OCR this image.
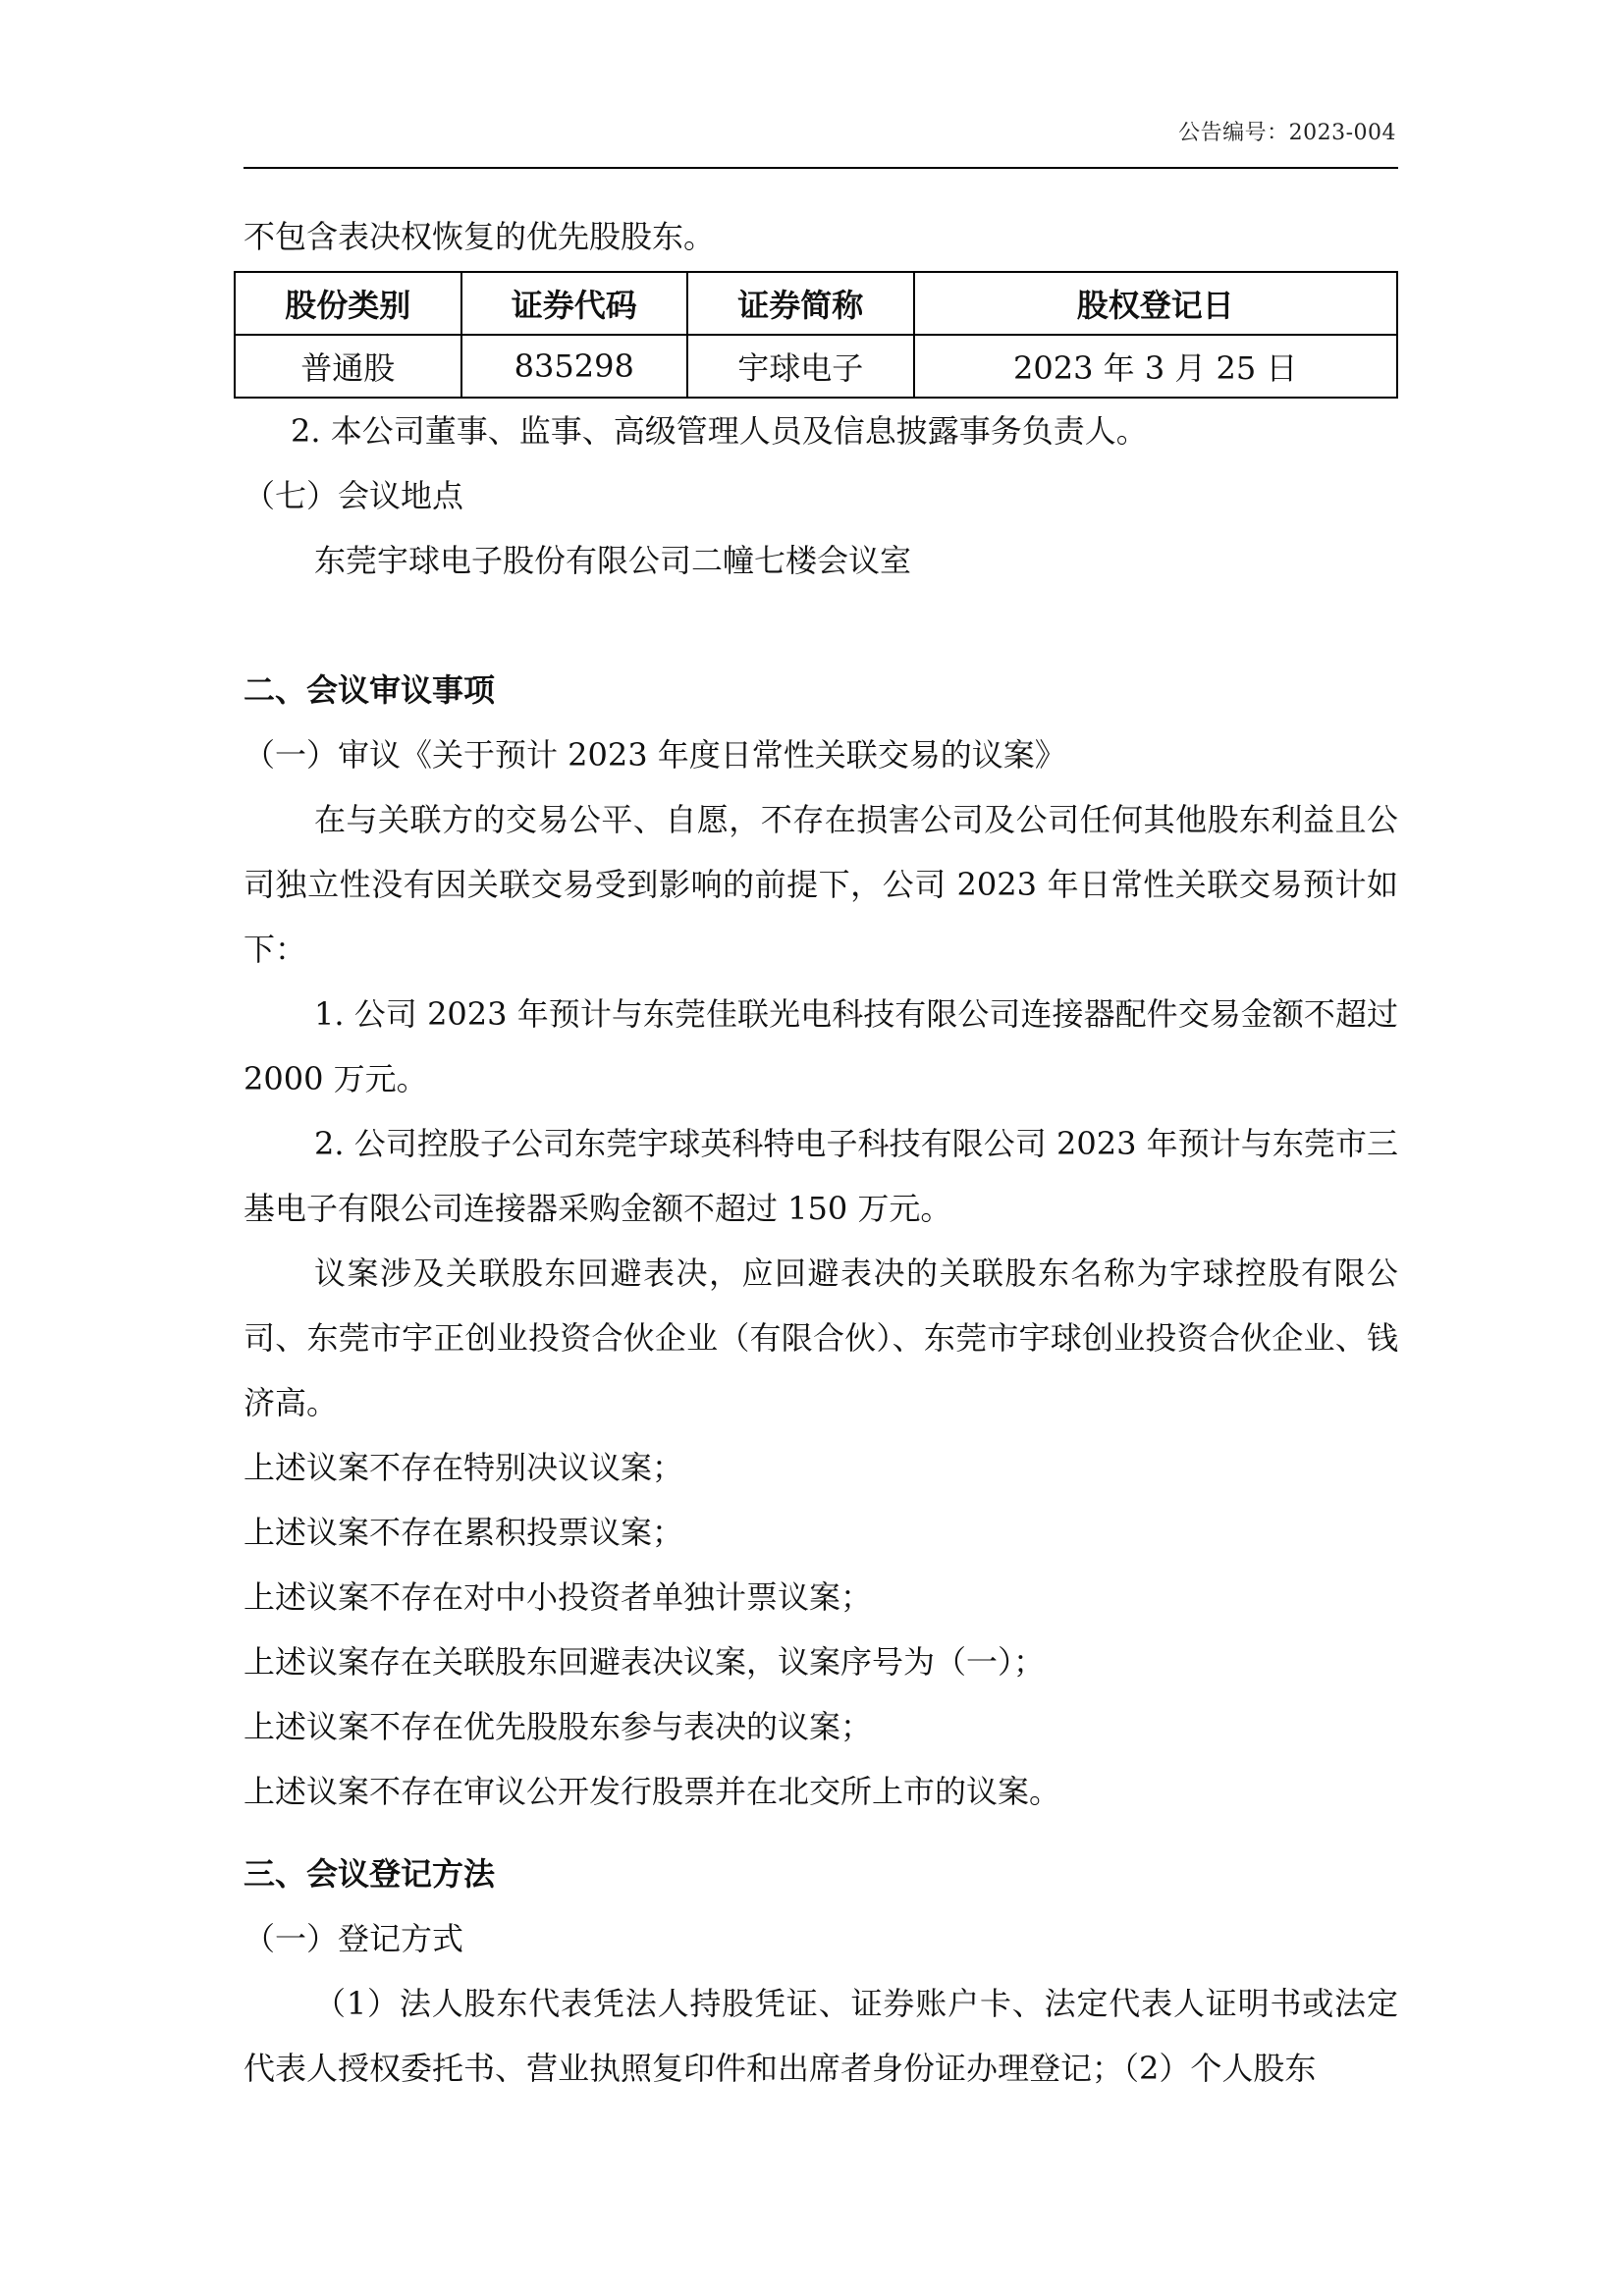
公告编号：2023-004

不包含表决权恢复的优先股股东。

股份类别	证券代码	证券简称	股权登记日
普通股	835298	宇球电子	2023 年 3 月 25 日

2. 本公司董事、监事、高级管理人员及信息披露事务负责人。

（七）会议地点

东莞宇球电子股份有限公司二幢七楼会议室

二、会议审议事项

（一）审议《关于预计 2023 年度日常性关联交易的议案》

在与关联方的交易公平、自愿，不存在损害公司及公司任何其他股东利益且公司独立性没有因关联交易受到影响的前提下，公司 2023 年日常性关联交易预计如下：

1. 公司 2023 年预计与东莞佳联光电科技有限公司连接器配件交易金额不超过 2000 万元。

2. 公司控股子公司东莞宇球英科特电子科技有限公司 2023 年预计与东莞市三基电子有限公司连接器采购金额不超过 150 万元。

议案涉及关联股东回避表决，应回避表决的关联股东名称为宇球控股有限公司、东莞市宇正创业投资合伙企业（有限合伙）、东莞市宇球创业投资合伙企业、钱济高。

上述议案不存在特别决议议案；

上述议案不存在累积投票议案；

上述议案不存在对中小投资者单独计票议案；

上述议案存在关联股东回避表决议案，议案序号为（一）；

上述议案不存在优先股股东参与表决的议案；

上述议案不存在审议公开发行股票并在北交所上市的议案。

三、会议登记方法

（一）登记方式

（1）法人股东代表凭法人持股凭证、证券账户卡、法定代表人证明书或法定代表人授权委托书、营业执照复印件和出席者身份证办理登记；（2）个人股东
